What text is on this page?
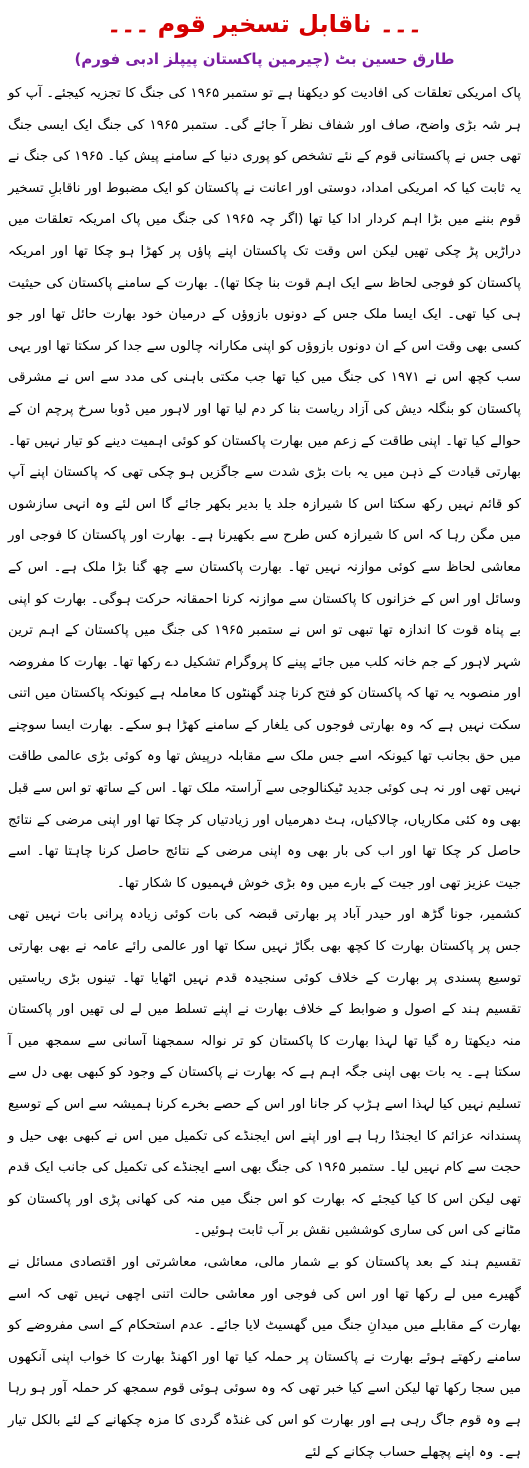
۔۔۔ ناقابل تسخیر قوم ۔۔۔
طارق حسین بٹ (چیرمین پاکستان پیپلز ادبی فورم)

پاک امریکی تعلقات کی افادیت کو دیکھنا ہے تو ستمبر ۱۹۶۵ کی جنگ کا تجزیہ کیجئے۔ آپ کو ہر شہ بڑی واضح، صاف اور شفاف نظر آ جائے گی۔ ستمبر ۱۹۶۵ کی جنگ ایک ایسی جنگ تھی جس نے پاکستانی قوم کے نئے تشخص کو پوری دنیا کے سامنے پیش کیا۔ ۱۹۶۵ کی جنگ نے یہ ثابت کیا کہ امریکی امداد، دوستی اور اعانت نے پاکستان کو ایک مضبوط اور ناقابلِ تسخیر قوم بننے میں بڑا اہم کردار ادا کیا تھا (اگر چہ ۱۹۶۵ کی جنگ میں پاک امریکہ تعلقات میں دراڑیں پڑ چکی تھیں لیکن اس وقت تک پاکستان اپنے پاؤں پر کھڑا ہو چکا تھا اور امریکہ پاکستان کو فوجی لحاظ سے ایک اہم قوت بنا چکا تھا)۔ بھارت کے سامنے پاکستان کی حیثیت ہی کیا تھی۔ ایک ایسا ملک جس کے دونوں بازوؤں کے درمیان خود بھارت حائل تھا اور جو کسی بھی وقت اس کے ان دونوں بازوؤں کو اپنی مکارانہ چالوں سے جدا کر سکتا تھا اور یہی سب کچھ اس نے ۱۹۷۱ کی جنگ میں کیا تھا جب مکتی باہنی کی مدد سے اس نے مشرقی پاکستان کو بنگلہ دیش کی آزاد ریاست بنا کر دم لیا تھا اور لاہور میں ڈوبا سرخ پرچم ان کے حوالے کیا تھا۔ اپنی طاقت کے زعم میں بھارت پاکستان کو کوئی اہمیت دینے کو تیار نہیں تھا۔ بھارتی قیادت کے ذہن میں یہ بات بڑی شدت سے جاگزیں ہو چکی تھی کہ پاکستان اپنے آپ کو قائم نہیں رکھ سکتا اس کا شیرازہ جلد یا بدیر بکھر جائے گا اس لئے وہ انہی سازشوں میں مگن رہا کہ اس کا شیرازہ کس طرح سے بکھیرنا ہے۔ بھارت اور پاکستان کا فوجی اور معاشی لحاظ سے کوئی موازنہ نہیں تھا۔ بھارت پاکستان سے چھ گنا بڑا ملک ہے۔ اس کے وسائل اور اس کے خزانوں کا پاکستان سے موازنہ کرنا احمقانہ حرکت ہوگی۔ بھارت کو اپنی بے پناہ قوت کا اندازہ تھا تبھی تو اس نے ستمبر ۱۹۶۵ کی جنگ میں پاکستان کے اہم ترین شہر لاہور کے جم خانہ کلب میں جائے پینے کا پروگرام تشکیل دے رکھا تھا۔ بھارت کا مفروضہ اور منصوبہ یہ تھا کہ پاکستان کو فتح کرنا چند گھنٹوں کا معاملہ ہے کیونکہ پاکستان میں اتنی سکت نہیں ہے کہ وہ بھارتی فوجوں کی یلغار کے سامنے کھڑا ہو سکے۔ بھارت ایسا سوچنے میں حق بجانب تھا کیونکہ اسے جس ملک سے مقابلہ درپیش تھا وہ کوئی بڑی عالمی طاقت نہیں تھی اور نہ ہی کوئی جدید ٹیکنالوجی سے آراستہ ملک تھا۔ اس کے ساتھ تو اس سے قبل بھی وہ کئی مکاریاں، چالاکیاں، ہٹ دھرمیاں اور زیادتیاں کر چکا تھا اور اپنی مرضی کے نتائج حاصل کر چکا تھا اور اب کی بار بھی وہ اپنی مرضی کے نتائج حاصل کرنا چاہتا تھا۔ اسے جیت عزیز تھی اور جیت کے بارے میں وہ بڑی خوش فہمیوں کا شکار تھا۔

کشمیر، جونا گڑھ اور حیدر آباد پر بھارتی قبضہ کی بات کوئی زیادہ پرانی بات نہیں تھی جس پر پاکستان بھارت کا کچھ بھی بگاڑ نہیں سکا تھا اور عالمی رائے عامہ نے بھی بھارتی توسیع پسندی پر بھارت کے خلاف کوئی سنجیدہ قدم نہیں اٹھایا تھا۔ تینوں بڑی ریاستیں تقسیم ہند کے اصول و ضوابط کے خلاف بھارت نے اپنے تسلط میں لے لی تھیں اور پاکستان منہ دیکھتا رہ گیا تھا لہذا بھارت کا پاکستان کو تر نوالہ سمجھنا آسانی سے سمجھ میں آ سکتا ہے۔ یہ بات بھی اپنی جگہ اہم ہے کہ بھارت نے پاکستان کے وجود کو کبھی بھی دل سے تسلیم نہیں کیا لہذا اسے ہڑپ کر جانا اور اس کے حصے بخرے کرنا ہمیشہ سے اس کے توسیع پسندانہ عزائم کا ایجنڈا رہا ہے اور اپنے اس ایجنڈے کی تکمیل میں اس نے کبھی بھی حیل و حجت سے کام نہیں لیا۔ ستمبر ۱۹۶۵ کی جنگ بھی اسے ایجنڈے کی تکمیل کی جانب ایک قدم تھی لیکن اس کا کیا کیجئے کہ بھارت کو اس جنگ میں منہ کی کھانی پڑی اور پاکستان کو مٹانے کی اس کی ساری کوششیں نقش بر آب ثابت ہوئیں۔

تقسیم ہند کے بعد پاکستان کو بے شمار مالی، معاشی، معاشرتی اور اقتصادی مسائل نے گھیرے میں لے رکھا تھا اور اس کی فوجی اور معاشی حالت اتنی اچھی نہیں تھی کہ اسے بھارت کے مقابلے میں میدانِ جنگ میں گھسیٹ لایا جائے۔ عدم استحکام کے اسی مفروضے کو سامنے رکھتے ہوئے بھارت نے پاکستان پر حملہ کیا تھا اور اکھنڈ بھارت کا خواب اپنی آنکھوں میں سجا رکھا تھا لیکن اسے کیا خبر تھی کہ وہ سوئی ہوئی قوم سمجھ کر حملہ آور ہو رہا ہے وہ قوم جاگ رہی ہے اور بھارت کو اس کی غنڈہ گردی کا مزہ چکھانے کے لئے بالکل تیار ہے۔ وہ اپنے پچھلے حساب چکانے کے لئے
